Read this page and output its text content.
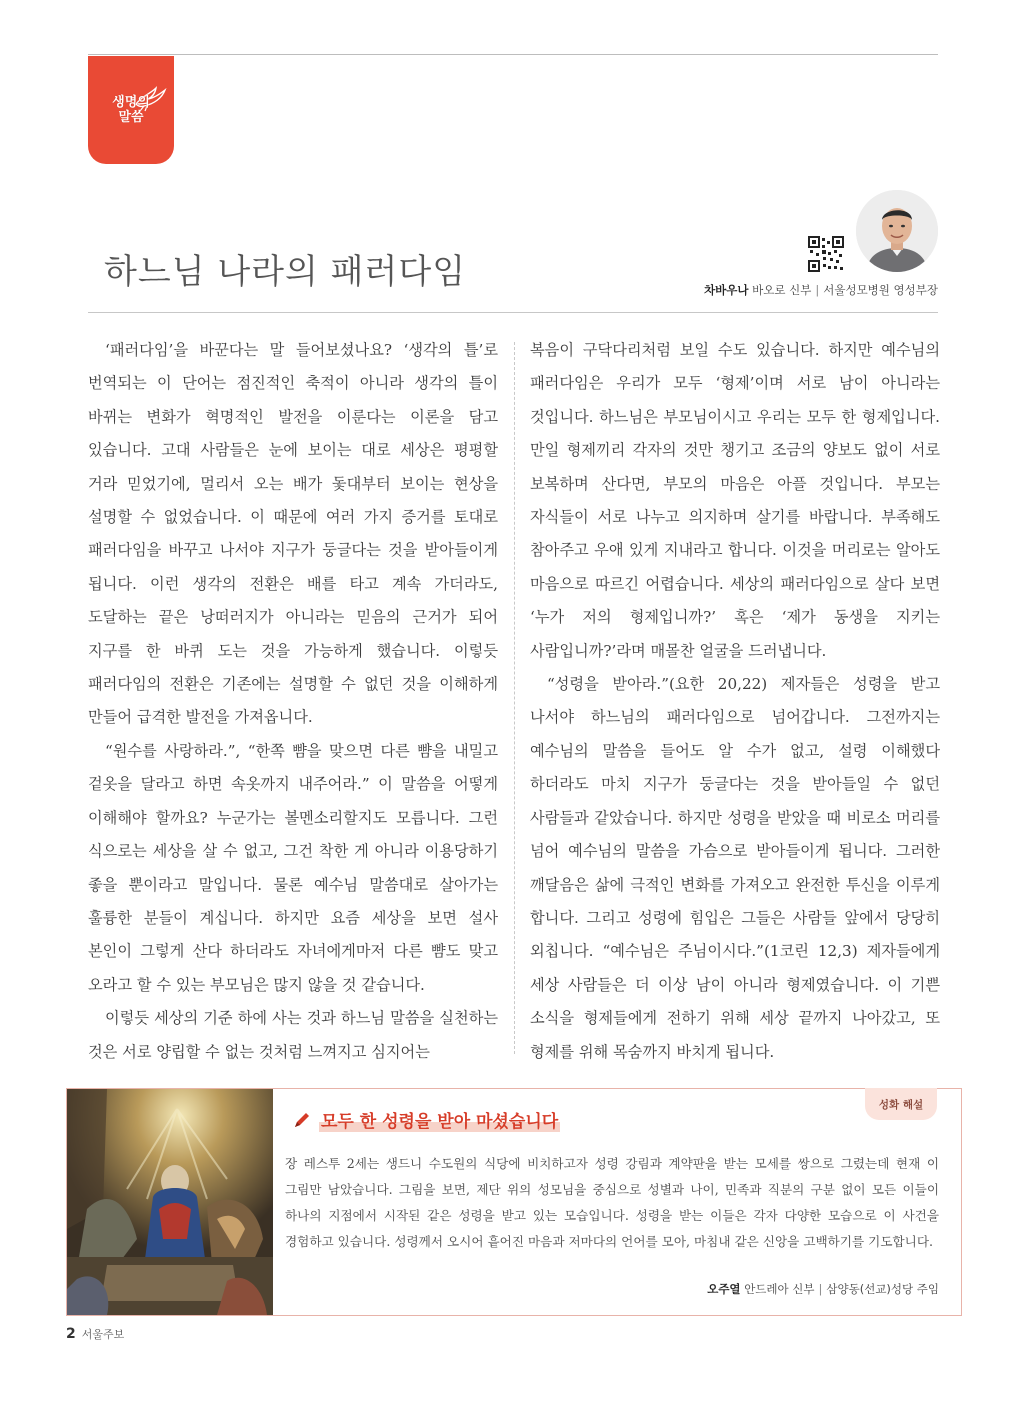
생명의
말씀
하느님 나라의 패러다임	차바우나 바오로 신부 | 서울성모병원 영성부장

‘패러다임’을 바꾼다는 말 들어보셨나요? ‘생각의 틀’로 번역되는 이 단어는 점진적인 축적이 아니라 생각의 틀이 바뀌는 변화가 혁명적인 발전을 이룬다는 이론을 담고 있습니다. 고대 사람들은 눈에 보이는 대로 세상은 평평할 거라 믿었기에, 멀리서 오는 배가 돛대부터 보이는 현상을 설명할 수 없었습니다. 이 때문에 여러 가지 증거를 토대로 패러다임을 바꾸고 나서야 지구가 둥글다는 것을 받아들이게 됩니다. 이런 생각의 전환은 배를 타고 계속 가더라도, 도달하는 끝은 낭떠러지가 아니라는 믿음의 근거가 되어 지구를 한 바퀴 도는 것을 가능하게 했습니다. 이렇듯 패러다임의 전환은 기존에는 설명할 수 없던 것을 이해하게 만들어 급격한 발전을 가져옵니다.

“원수를 사랑하라.”, “한쪽 뺨을 맞으면 다른 뺨을 내밀고 겉옷을 달라고 하면 속옷까지 내주어라.” 이 말씀을 어떻게 이해해야 할까요? 누군가는 볼멘소리할지도 모릅니다. 그런 식으로는 세상을 살 수 없고, 그건 착한 게 아니라 이용당하기 좋을 뿐이라고 말입니다. 물론 예수님 말씀대로 살아가는 훌륭한 분들이 계십니다. 하지만 요즘 세상을 보면 설사 본인이 그렇게 산다 하더라도 자녀에게마저 다른 뺨도 맞고 오라고 할 수 있는 부모님은 많지 않을 것 같습니다.

이렇듯 세상의 기준 하에 사는 것과 하느님 말씀을 실천하는 것은 서로 양립할 수 없는 것처럼 느껴지고 심지어는

복음이 구닥다리처럼 보일 수도 있습니다. 하지만 예수님의 패러다임은 우리가 모두 ‘형제’이며 서로 남이 아니라는 것입니다. 하느님은 부모님이시고 우리는 모두 한 형제입니다. 만일 형제끼리 각자의 것만 챙기고 조금의 양보도 없이 서로 보복하며 산다면, 부모의 마음은 아플 것입니다. 부모는 자식들이 서로 나누고 의지하며 살기를 바랍니다. 부족해도 참아주고 우애 있게 지내라고 합니다. 이것을 머리로는 알아도 마음으로 따르긴 어렵습니다. 세상의 패러다임으로 살다 보면 ‘누가 저의 형제입니까?’ 혹은 ‘제가 동생을 지키는 사람입니까?’라며 매몰찬 얼굴을 드러냅니다.

“성령을 받아라.”(요한 20,22) 제자들은 성령을 받고 나서야 하느님의 패러다임으로 넘어갑니다. 그전까지는 예수님의 말씀을 들어도 알 수가 없고, 설령 이해했다 하더라도 마치 지구가 둥글다는 것을 받아들일 수 없던 사람들과 같았습니다. 하지만 성령을 받았을 때 비로소 머리를 넘어 예수님의 말씀을 가슴으로 받아들이게 됩니다. 그러한 깨달음은 삶에 극적인 변화를 가져오고 완전한 투신을 이루게 합니다. 그리고 성령에 힘입은 그들은 사람들 앞에서 당당히 외칩니다. “예수님은 주님이시다.”(1코린 12,3) 제자들에게 세상 사람들은 더 이상 남이 아니라 형제였습니다. 이 기쁜 소식을 형제들에게 전하기 위해 세상 끝까지 나아갔고, 또 형제를 위해 목숨까지 바치게 됩니다.

성화 해설
모두 한 성령을 받아 마셨습니다
장 레스투 2세는 생드니 수도원의 식당에 비치하고자 성령 강림과 계약판을 받는 모세를 쌍으로 그렸는데 현재 이 그림만 남았습니다. 그림을 보면, 제단 위의 성모님을 중심으로 성별과 나이, 민족과 직분의 구분 없이 모든 이들이 하나의 지점에서 시작된 같은 성령을 받고 있는 모습입니다. 성령을 받는 이들은 각자 다양한 모습으로 이 사건을 경험하고 있습니다. 성령께서 오시어 흩어진 마음과 저마다의 언어를 모아, 마침내 같은 신앙을 고백하기를 기도합니다.
오주열 안드레아 신부 | 삼양동(선교)성당 주임
2 서울주보
